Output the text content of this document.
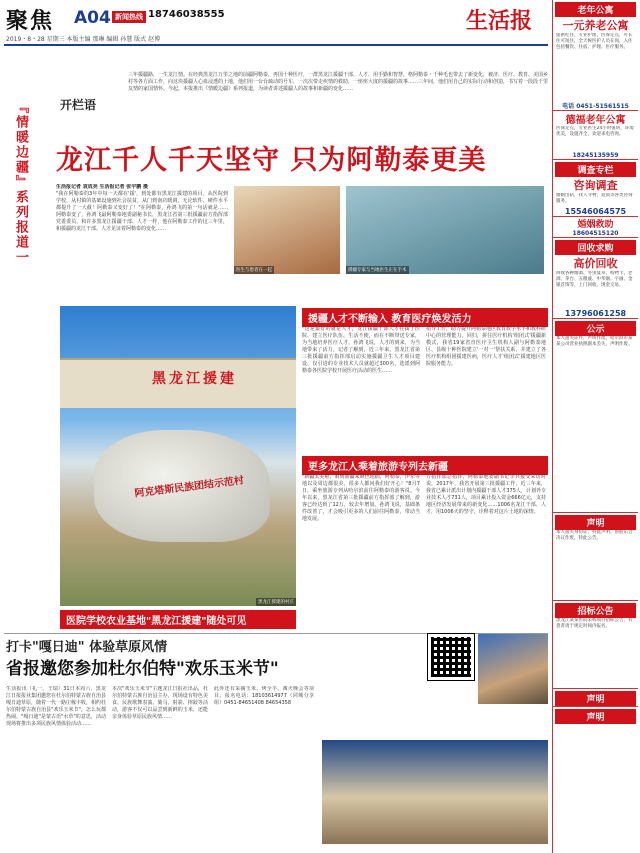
聚焦 A04 新闻热线 18746038555
2019・8・28 星期三 本版主编 那琳 编辑 孙慧 版式 赵博
生活报
『情暖边疆』系列报道一	开栏语
三年援疆路，一生龙江情。在经典黑龙江万里之地的前疆阿勒泰，再国十种医疗，一群黑龙江援疆干部、人才、用手勤和智慧，格阿勒泰・千种毛也带去了新变化，被济、医疗、教育、美国乡村等各方面工作，向这块援疆人心血浸透的土地，他们用一台台疏动的号车，一次次带走疾情的救助，一座座大度的援疆的故事……三年间，他们用自己的实际行动和创造，书写着一段段千里友情的家国情怀。今起，本报推出《情暖边疆》系列报道，为读者讲述援疆人的故事和新疆的变化……
龙江千人千天坚守 只为阿勒泰更美
生活报记者 袁成亮 生活报记者 张宇鹏 摄
"我在阿勒泰的3年中每一天都在'援'，到处都有黑龙江援建的项目，从医院到学校，从村镇的基础设施到社会扶贫，从门到南店暖调，无论软件、硬件水平都提升了一大截！阿勒泰又变好了！"在阿勒泰，孙鸿飞的第一句话就是……阿勒泰变了，孙鸿飞最阿勒泰地委副秘书长，黑龙江省第三批援疆前方指挥部党委委员，和许多黑龙江援疆干部、人才一样，他在阿勒泰工作的这三年里，和援疆的龙江干部、人才见证着阿勒泰的变化……
医生与患者在一起	援疆专家与当地医生正在手术
黑龙江援建
阿克塔斯民族团结示范村
黑龙江援建的村庄
援疆人才不断输入 教育医疗焕发活力
更多龙江人乘着旅游专列去新疆
医院学校农业基地"黑龙江援建"随处可见
"这是最好的就是人才，龙江援疆干部人才在援了医院、建立医疗队伍，生活不便，而在不断带送专家，为当地培养医疗人才，孙鸿飞说，人才的到来，为当地带来了活力。记者了解到，近三年来，黑龙江省第三批援疆前方指挥部启动实施援疆卫生人才项目建设，仅引进的专业技术人员就超过300名，选派到阿勒泰各医院学校开展医疗活动的医生……
指导工作，助力提升阿勒泰地区教育教学水平和教科研中心的管理能力。回归，拼住医疗机构'组团式'援疆新模式，我省19家省直医疗卫生机构人副与阿勒泰地区、县级十种医院建立'一对一'帮扶关系，并建立了各医疗机构组团援建医病，医疗人才'组团式'援建地区医院服务能力。
"新疆太美啦，咱到新疆来颜色地描，阿勒泰，伊犁等地以及周边都很美，很多人都问我们好开心！"8月7日，乘坐旅游专列从哈尔滨前往阿勒泰的游客说。今年以来，黑龙江省第三批援疆前方指挥部了解到，游客已经达到了12万，较去年增加。孙鸿飞说，基础条件改善了，才会吸引更多的人们前往阿勒泰，带动当地发展。
方指挥部总指挥，阿勒泰地委副书记李兵接受采访时说，2017年，我省开展第三批援疆工作，近三年来，我省已累计派出计划内援疆干部人才375人，计划外专业技术人才731人，项目累计投入资金666亿元，支持地区经济发展带来的新变化……1006名龙江干部、人才，用1006天的坚守，诠释着对这片土地的深情。
打卡"嘎日迪" 体验草原风情
省报邀您参加杜尔伯特"欢乐玉米节"
生活报讯（礼一、王瑞）31日本周六，黑龙江日报报业集团邀您在杜尔伯特蒙古族自治县嘎日迪草原，随着一代一路庄稼丰收，相约杜尔伯特蒙古族自治县"欢乐玉米节"，怎么玩都热闹。"嘎日迪"是蒙古语"水草"的意思，活动现场将推出多项民族风情体验活动……
本次"欢乐玉米节"主题龙江日报社出品，杜尔伯特蒙古族自治县主办，现场设有特色美食、民族歌舞表演、骑马、射箭、摔跤等活动，游客不仅可以品尝到新鲜的玉米，还能亲身体验草原民族风情……
此外还有采摘玉米、烤全羊、篝火晚会等项目。报名电话：18103614977（同城分享组）0451-84651408 84654358
老年公寓
一元养老公寓
提供吃住，专业护理，医保定点，可长住可短住，全天候医护人员在岗，入住包括餐饮、住宿、护理、医疗服务。
电话 0451-51561515
德福老年公寓
医保定点，专业医生24小时值班，环境优美，设施齐全，欢迎来电咨询。
18245135959
调查专栏
咨询调查
婚姻出轨，找人寻物，追债等各类咨询服务。
15546064575
婚姻救助
18604515120
回收求购
高价回收
回收各种烟酒、冬虫夏草、购物卡、老酒、茅台、五粮液、中华烟、字画、金银首饰等，上门回收，现金交易。
13796061258
公示
本人遗失证件，声明作废。哈尔滨市某某公司营业执照副本丢失，声明作废。
声明
本人遗失身份证，特此声明。原股东会决议作废，特此公告。
招标公告
黑龙江某某医院采购项目招标公告，有意者请于规定时间内报名。
声明
声明
